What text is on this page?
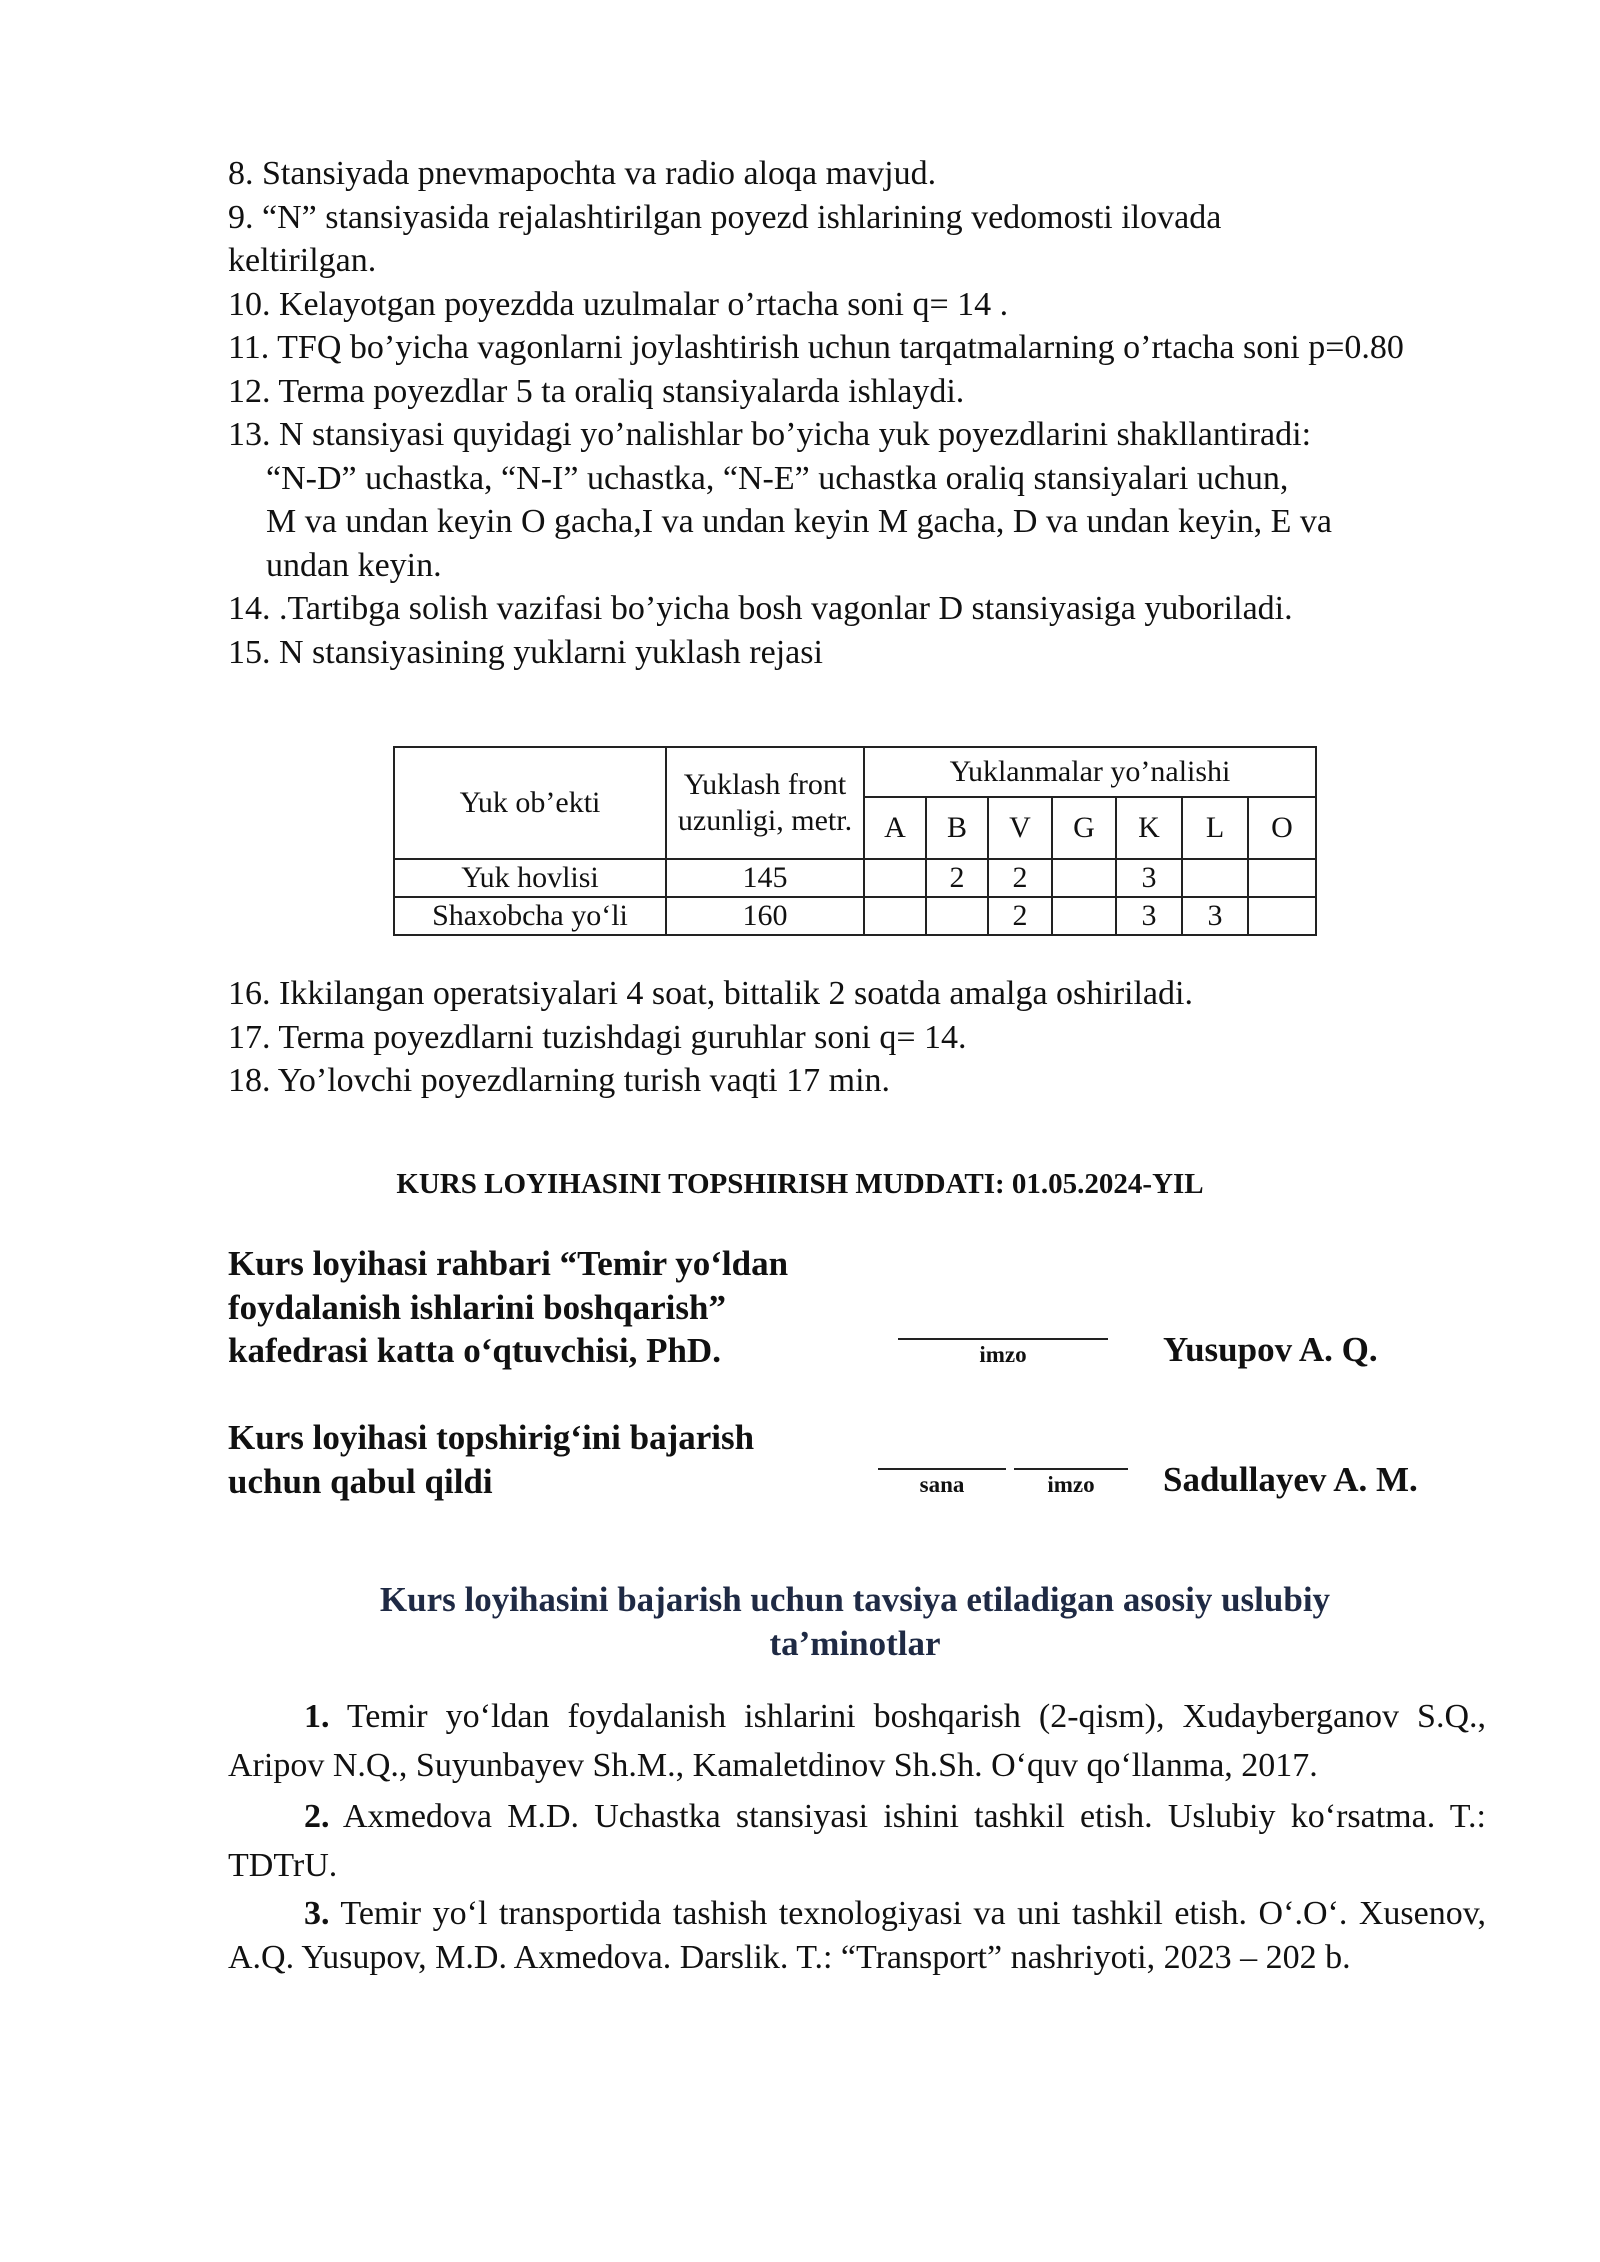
8. Stansiyada pnevmapochta va radio aloqa mavjud.

9. “N” stansiyasida rejalashtirilgan poyezd ishlarining vedomosti ilovada keltirilgan.

10. Kelayotgan poyezdda uzulmalar o’rtacha soni q= 14 .

11. TFQ bo’yicha vagonlarni joylashtirish uchun tarqatmalarning o’rtacha soni p=0.80

12. Terma poyezdlar 5 ta oraliq stansiyalarda ishlaydi.

13. N stansiyasi quyidagi yo’nalishlar bo’yicha yuk poyezdlarini shakllantiradi:

“N-D” uchastka, “N-I” uchastka, “N-E” uchastka oraliq stansiyalari uchun,

M va undan keyin O gacha,I va undan keyin M gacha, D va undan keyin, E va

undan keyin.

14. .Tartibga solish vazifasi bo’yicha bosh vagonlar D stansiyasiga yuboriladi.

15. N stansiyasining yuklarni yuklash rejasi

Yuk ob’ekti	Yuklash front uzunligi, metr.	Yuklanmalar yo’nalishi						
		A	B	V	G	K	L	O
Yuk hovlisi	145		2	2		3		
Shaxobcha yo‘li	160			2		3	3	

16. Ikkilangan operatsiyalari 4 soat, bittalik 2 soatda amalga oshiriladi.

17. Terma poyezdlarni tuzishdagi guruhlar soni q= 14.

18. Yo’lovchi poyezdlarning turish vaqti 17 min.

KURS LOYIHASINI TOPSHIRISH MUDDATI: 01.05.2024-YIL
Kurs loyihasi rahbari “Temir yo‘ldan
foydalanish ishlarini boshqarish”
kafedrasi katta o‘qtuvchisi, PhD.	imzo	Yusupov A. Q.
Kurs loyihasi topshirig‘ini bajarish
uchun qabul qildi	sana	imzo	Sadullayev A. M.
Kurs loyihasini bajarish uchun tavsiya etiladigan asosiy uslubiy
ta’minotlar

1. Temir yo‘ldan foydalanish ishlarini boshqarish (2-qism), Xudayberganov S.Q., Aripov N.Q., Suyunbayev Sh.M., Kamaletdinov Sh.Sh. O‘quv qo‘llanma, 2017.

2. Axmedova M.D. Uchastka stansiyasi ishini tashkil etish. Uslubiy ko‘rsatma. T.: TDTrU.

3. Temir yo‘l transportida tashish texnologiyasi va uni tashkil etish. O‘.O‘. Xusenov, A.Q. Yusupov, M.D. Axmedova. Darslik. T.: “Transport” nashriyoti, 2023 – 202 b.
